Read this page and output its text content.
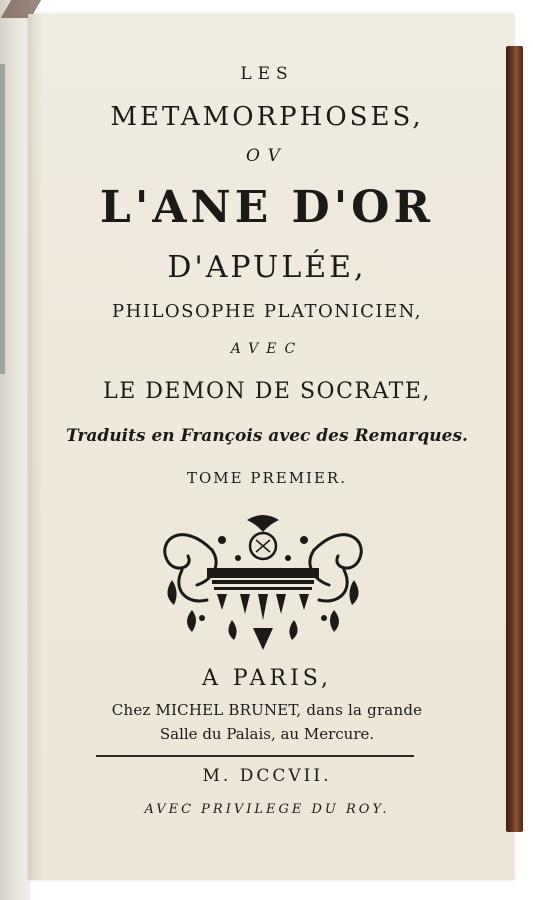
LES
METAMORPHOSES,
OV
L'ANE D'OR
D'APULÉE,
PHILOSOPHE PLATONICIEN,
AVEC
LE DEMON DE SOCRATE,
Traduits en François avec des Remarques.
TOME PREMIER.
A PARIS,
Chez MICHEL BRUNET, dans la grande
Salle du Palais, au Mercure.
M. DCCVII.
AVEC PRIVILEGE DU ROY.
